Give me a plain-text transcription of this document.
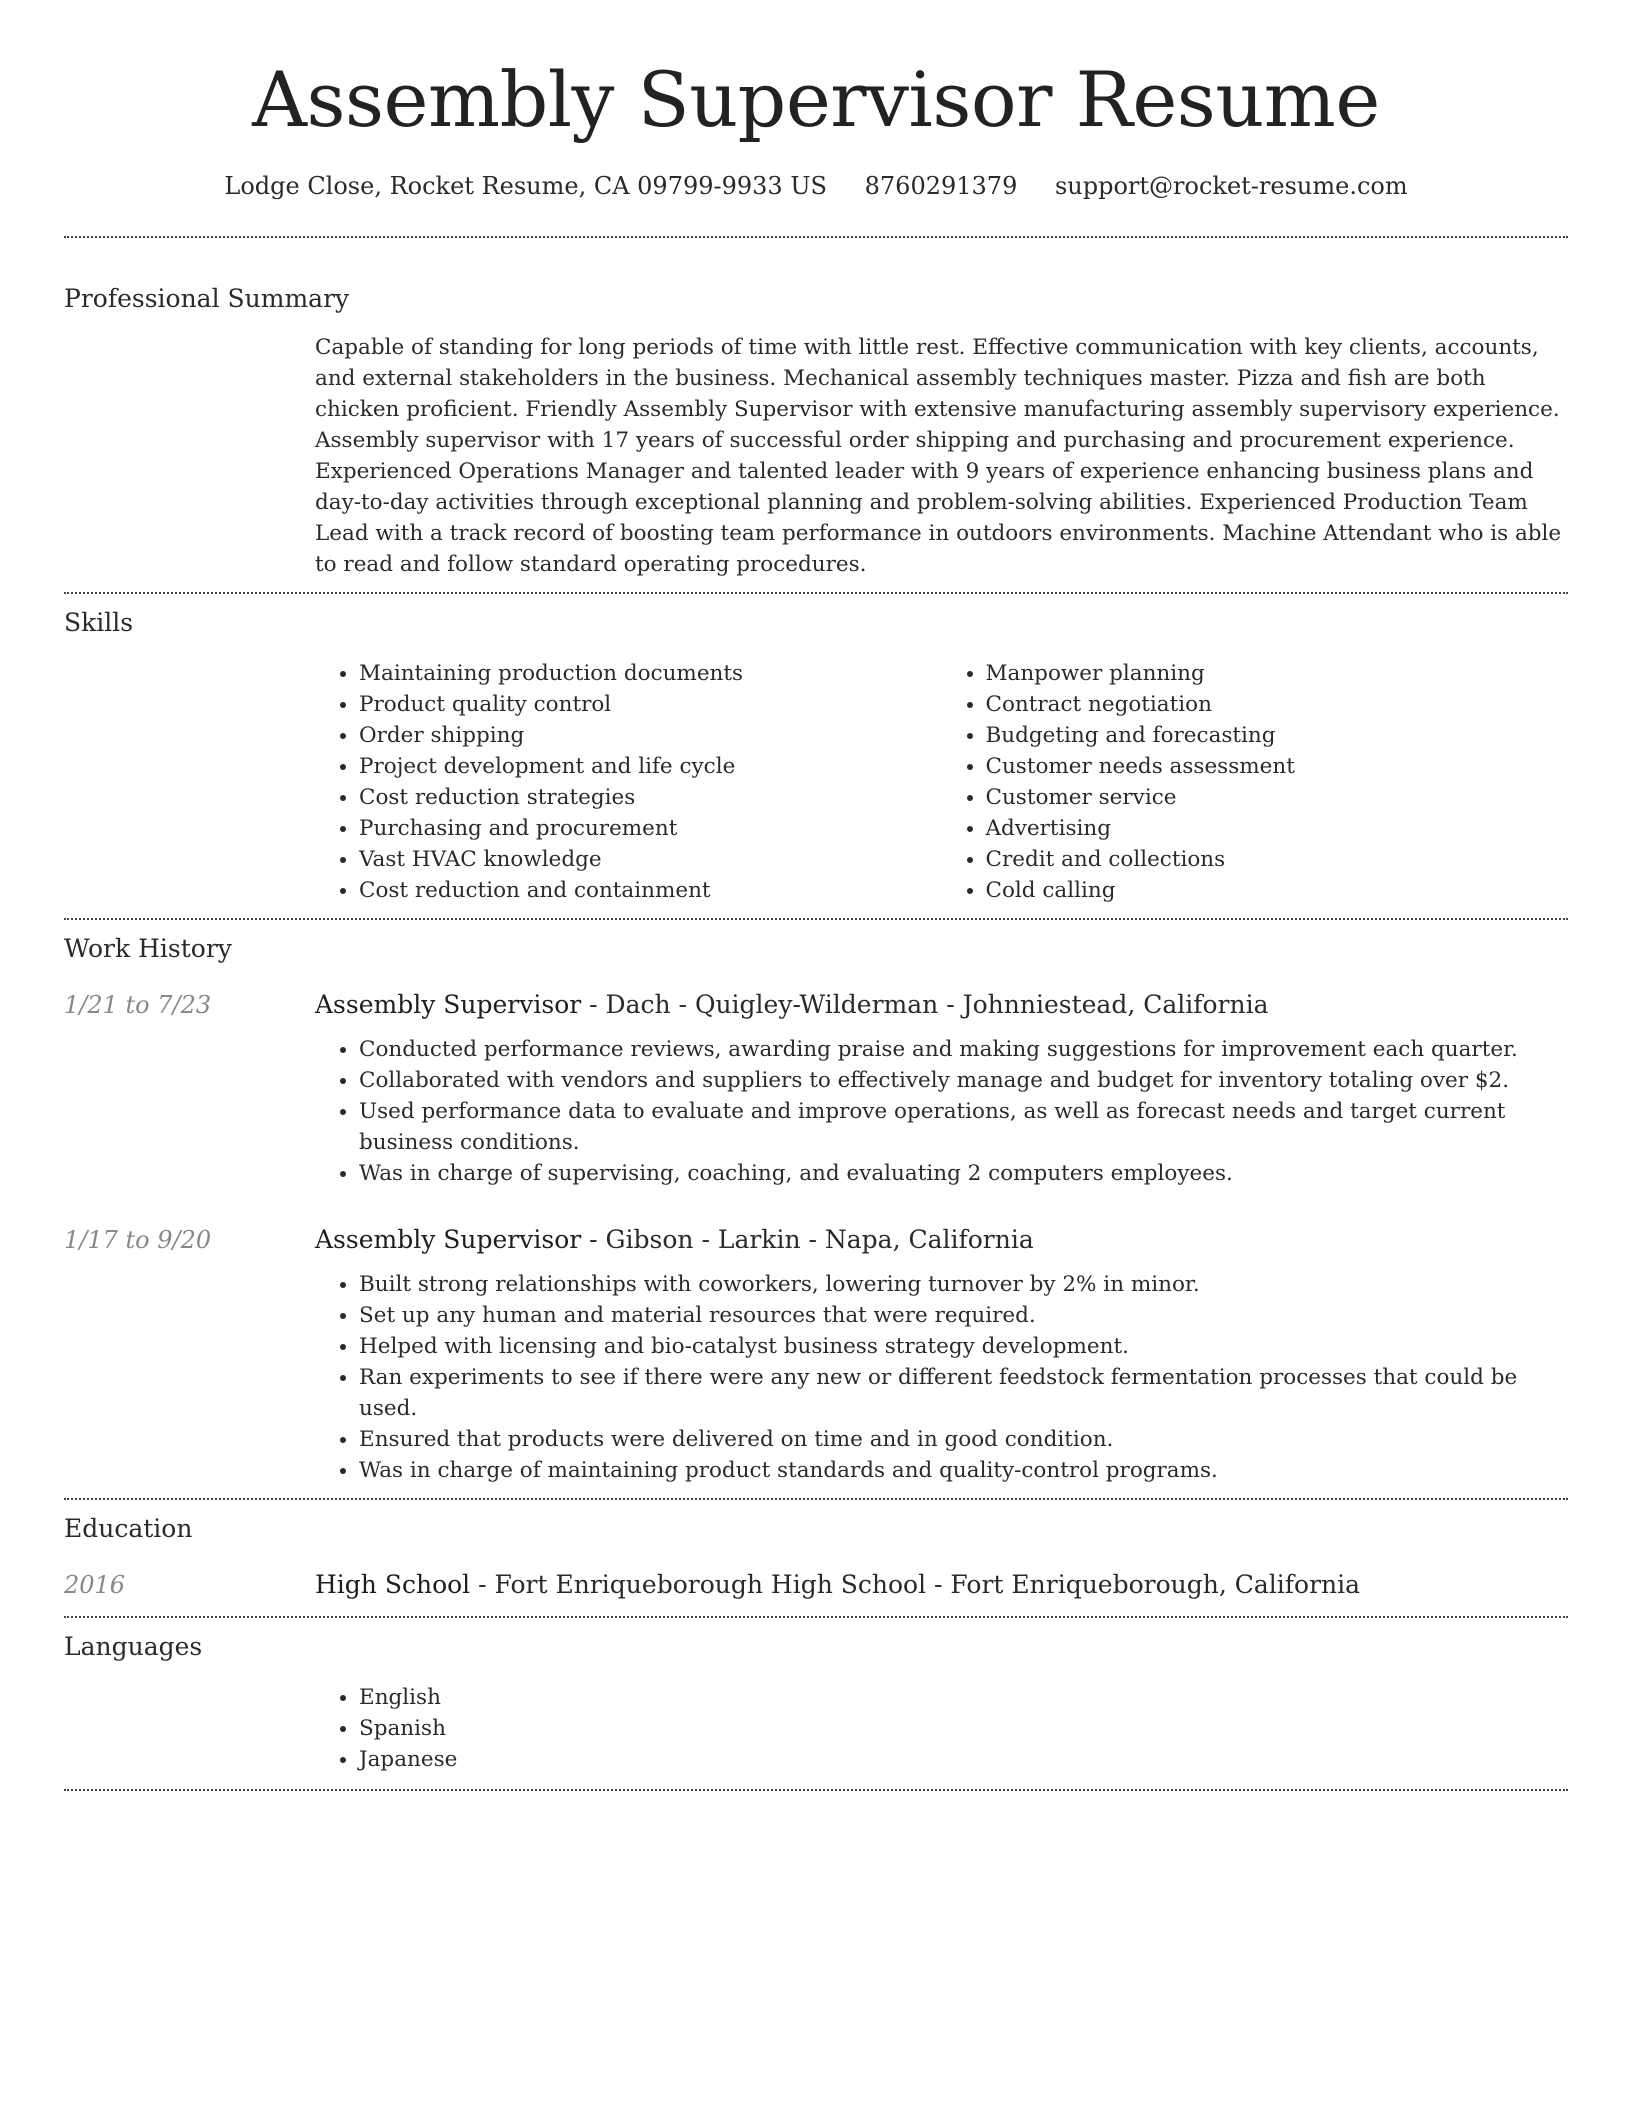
Assembly Supervisor Resume
Lodge Close, Rocket Resume, CA 09799-9933 US 8760291379 support@rocket-resume.com
Professional Summary

Capable of standing for long periods of time with little rest. Effective communication with key clients, accounts, and external stakeholders in the business. Mechanical assembly techniques master. Pizza and fish are both chicken proficient. Friendly Assembly Supervisor with extensive manufacturing assembly supervisory experience. Assembly supervisor with 17 years of successful order shipping and purchasing and procurement experience. Experienced Operations Manager and talented leader with 9 years of experience enhancing business plans and day-to-day activities through exceptional planning and problem-solving abilities. Experienced Production Team Lead with a track record of boosting team performance in outdoors environments. Machine Attendant who is able to read and follow standard operating procedures.

Skills
• Maintaining production documents
• Product quality control
• Order shipping
• Project development and life cycle
• Cost reduction strategies
• Purchasing and procurement
• Vast HVAC knowledge
• Cost reduction and containment
• Manpower planning
• Contract negotiation
• Budgeting and forecasting
• Customer needs assessment
• Customer service
• Advertising
• Credit and collections
• Cold calling
Work History
1/21 to 7/23	Assembly Supervisor - Dach - Quigley-Wilderman - Johnniestead, California
• Conducted performance reviews, awarding praise and making suggestions for improvement each quarter.
• Collaborated with vendors and suppliers to effectively manage and budget for inventory totaling over $2.
• Used performance data to evaluate and improve operations, as well as forecast needs and target current business conditions.
• Was in charge of supervising, coaching, and evaluating 2 computers employees.
1/17 to 9/20	Assembly Supervisor - Gibson - Larkin - Napa, California
• Built strong relationships with coworkers, lowering turnover by 2% in minor.
• Set up any human and material resources that were required.
• Helped with licensing and bio-catalyst business strategy development.
• Ran experiments to see if there were any new or different feedstock fermentation processes that could be used.
• Ensured that products were delivered on time and in good condition.
• Was in charge of maintaining product standards and quality-control programs.
Education
2016	High School - Fort Enriqueborough High School - Fort Enriqueborough, California
Languages
• English
• Spanish
• Japanese
